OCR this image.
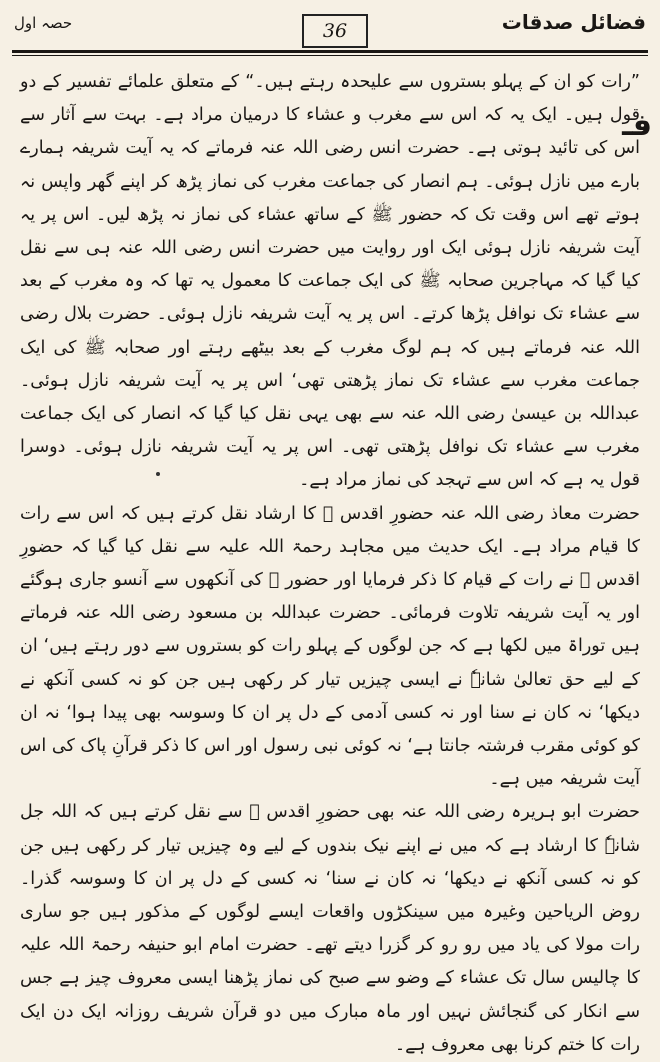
فضائل صدقات
36
حصہ اول

”رات کو ان کے پہلو بستروں سے علیحدہ رہتے ہیں۔“ کے متعلق علمائے تفسیر کے دو قول ہیں۔ ایک یہ کہ اس سے مغرب و عشاء کا درمیان مراد ہے۔ بہت سے آثار سے اس کی تائید ہوتی ہے۔ حضرت انس رضی اللہ عنہ فرماتے کہ یہ آیت شریفہ ہمارے بارے میں نازل ہوئی۔ ہم انصار کی جماعت مغرب کی نماز پڑھ کر اپنے گھر واپس نہ ہوتے تھے اس وقت تک کہ حضور ﷺ کے ساتھ عشاء کی نماز نہ پڑھ لیں۔ اس پر یہ آیت شریفہ نازل ہوئی ایک اور روایت میں حضرت انس رضی اللہ عنہ ہی سے نقل کیا گیا کہ مہاجرین صحابہ ﷺ کی ایک جماعت کا معمول یہ تھا کہ وہ مغرب کے بعد سے عشاء تک نوافل پڑھا کرتے۔ اس پر یہ آیت شریفہ نازل ہوئی۔ حضرت بلال رضی اللہ عنہ فرماتے ہیں کہ ہم لوگ مغرب کے بعد بیٹھے رہتے اور صحابہ ﷺ کی ایک جماعت مغرب سے عشاء تک نماز پڑھتی تھی‘ اس پر یہ آیت شریفہ نازل ہوئی۔ عبداللہ بن عیسیٰ رضی اللہ عنہ سے بھی یہی نقل کیا گیا کہ انصار کی ایک جماعت مغرب سے عشاء تک نوافل پڑھتی تھی۔ اس پر یہ آیت شریفہ نازل ہوئی۔ دوسرا قول یہ ہے کہ اس سے تہجد کی نماز مراد ہے۔

حضرت معاذ رضی اللہ عنہ حضورِ اقدس ﷺ کا ارشاد نقل کرتے ہیں کہ اس سے رات کا قیام مراد ہے۔ ایک حدیث میں مجاہد رحمۃ اللہ علیہ سے نقل کیا گیا کہ حضورِ اقدس ﷺ نے رات کے قیام کا ذکر فرمایا اور حضور ﷺ کی آنکھوں سے آنسو جاری ہوگئے اور یہ آیت شریفہ تلاوت فرمائی۔ حضرت عبداللہ بن مسعود رضی اللہ عنہ فرماتے ہیں توراۃ میں لکھا ہے کہ جن لوگوں کے پہلو رات کو بستروں سے دور رہتے ہیں‘ ان کے لیے حق تعالیٰ شانہٗ نے ایسی چیزیں تیار کر رکھی ہیں جن کو نہ کسی آنکھ نے دیکھا‘ نہ کان نے سنا اور نہ کسی آدمی کے دل پر ان کا وسوسہ بھی پیدا ہوا‘ نہ ان کو کوئی مقرب فرشتہ جانتا ہے‘ نہ کوئی نبی رسول اور اس کا ذکر قرآنِ پاک کی اس آیت شریفہ میں ہے۔

حضرت ابو ہریرہ رضی اللہ عنہ بھی حضورِ اقدس ﷺ سے نقل کرتے ہیں کہ اللہ جل شانہٗ کا ارشاد ہے کہ میں نے اپنے نیک بندوں کے لیے وہ چیزیں تیار کر رکھی ہیں جن کو نہ کسی آنکھ نے دیکھا‘ نہ کان نے سنا‘ نہ کسی کے دل پر ان کا وسوسہ گذرا۔ روض الریاحین وغیرہ میں سینکڑوں واقعات ایسے لوگوں کے مذکور ہیں جو ساری رات مولا کی یاد میں رو رو کر گزرا دیتے تھے۔ حضرت امام ابو حنیفہ رحمۃ اللہ علیہ کا چالیس سال تک عشاء کے وضو سے صبح کی نماز پڑھنا ایسی معروف چیز ہے جس سے انکار کی گنجائش نہیں اور ماہ مبارک میں دو قرآن شریف روزانہ ایک دن ایک رات کا ختم کرنا بھی معروف ہے۔

فـ
